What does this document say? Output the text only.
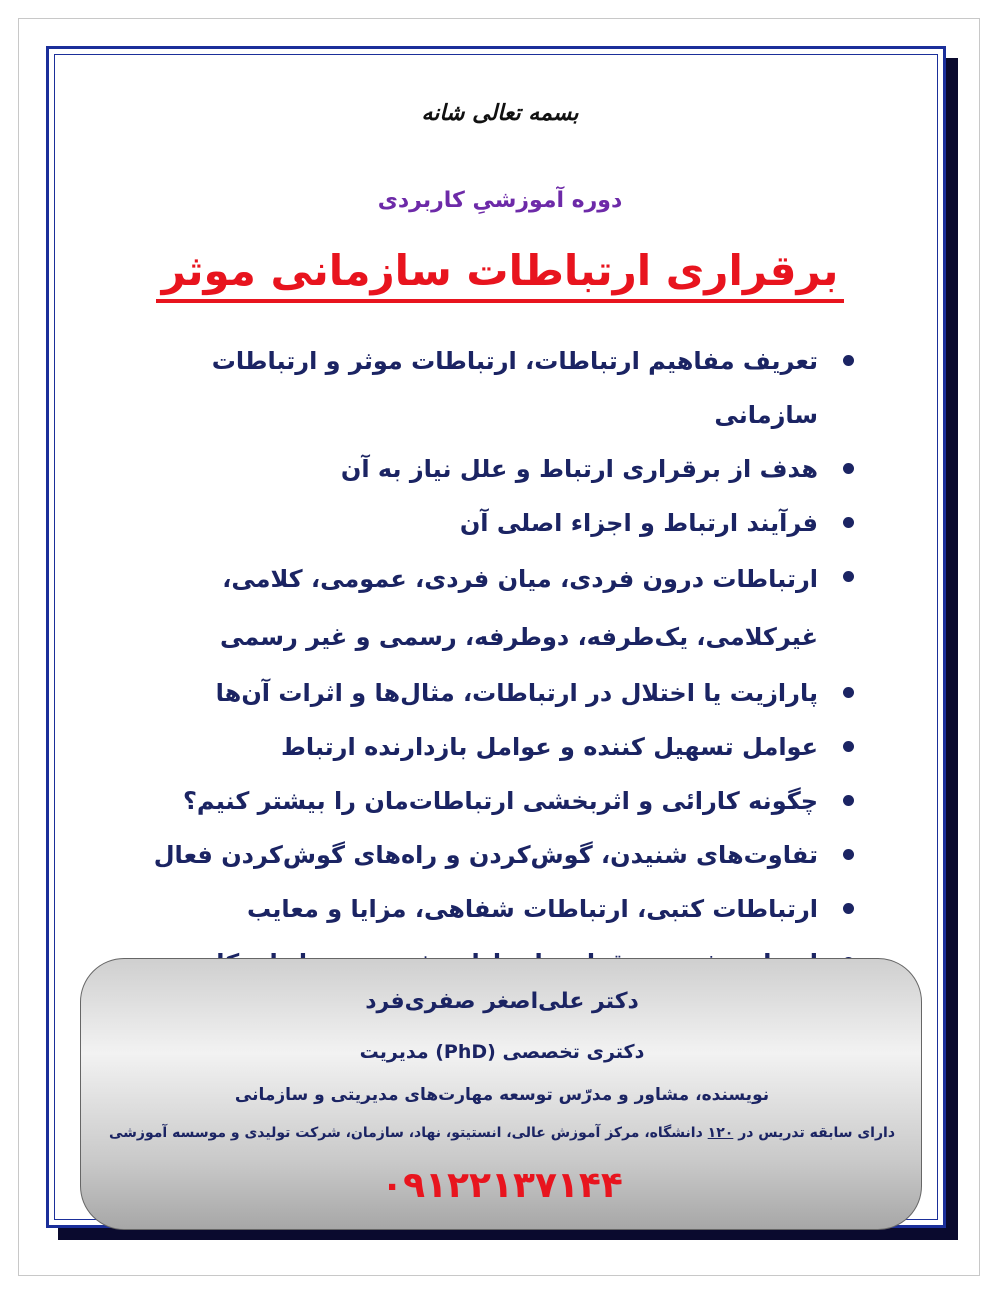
بسمه تعالی شانه
دوره آموزشیِ کاربردی
برقراری ارتباطات سازمانی موثر
تعریف مفاهیم ارتباطات، ارتباطات موثر و ارتباطات سازمانی
هدف از برقراری ارتباط و علل نیاز به آن
فرآیند ارتباط و اجزاء اصلی آن
ارتباطات درون فردی، میان فردی، عمومی، کلامی، غیرکلامی، یک‌طرفه، دوطرفه، رسمی و غیر رسمی
پارازیت یا اختلال در ارتباطات، مثال‌ها و اثرات آن‌ها
عوامل تسهیل کننده و عوامل بازدارنده ارتباط
چگونه کارائی و اثربخشی ارتباطات‌مان را بیشتر کنیم؟
تفاوت‌های شنیدن، گوش‌کردن و راه‌های گوش‌کردن فعال
ارتباطات کتبی، ارتباطات شفاهی، مزایا و معایب
دکتر علی‌اصغر صفری‌فرد
دکتری تخصصی (PhD) مدیریت
نویسنده، مشاور و مدرّس توسعه مهارت‌های مدیریتی و سازمانی
دارای سابقه تدریس در ۱۲۰ دانشگاه، مرکز آموزش عالی، انستیتو، نهاد، سازمان، شرکت تولیدی و موسسه آموزشی
۰۹۱۲۲۱۳۷۱۴۴
